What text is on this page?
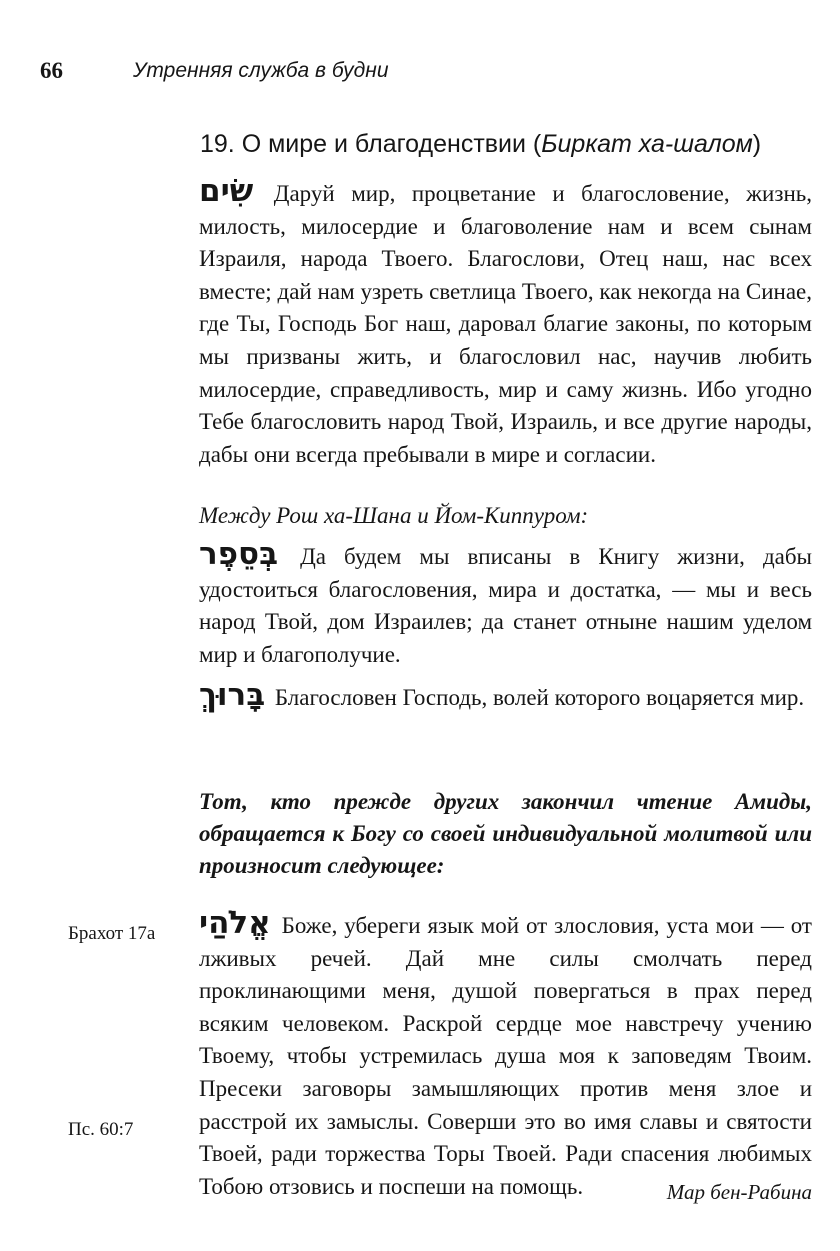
66	Утренняя служба в будни
19. О мире и благоденствии (Биркат ха-шалом)

שִׂים Даруй мир, процветание и благословение, жизнь, милость, милосердие и благоволение нам и всем сынам Израиля, народа Твоего. Благослови, Отец наш, нас всех вместе; дай нам узреть светлица Твоего, как некогда на Синае, где Ты, Господь Бог наш, даровал благие законы, по которым мы призваны жить, и благословил нас, научив любить милосердие, справедливость, мир и саму жизнь. Ибо угодно Тебе благословить народ Твой, Израиль, и все другие народы, дабы они всегда пребывали в мире и согласии.

Между Рош ха-Шана и Йом-Киппуром:

בְּסֵפֶר Да будем мы вписаны в Книгу жизни, дабы удостоиться благословения, мира и достатка, — мы и весь народ Твой, дом Израилев; да станет отныне нашим уделом мир и благополучие.

בָּרוּךְ Благословен Господь, волей которого воцаряется мир.

Тот, кто прежде других закончил чтение Амиды, обращается к Богу со своей индивидуальной молитвой или произносит следующее:
Брахот 17а	אֱלֹהַי Боже, убереги язык мой от злословия, уста мои — от лживых речей. Дай мне силы смолчать перед проклинающими меня, душой повергаться в прах перед всяким человеком. Раскрой сердце мое навстречу учению Твоему, чтобы устремилась душа моя к заповедям Твоим. Пресеки заговоры замышляющих против меня злое и расстрой их замыслы. Соверши это во имя славы и святости Твоей, ради торжества Торы Твоей. Ради спасения любимых Тобою отзовись и поспеши на помощь.

Пс. 60:7
Мар бен-Рабина
